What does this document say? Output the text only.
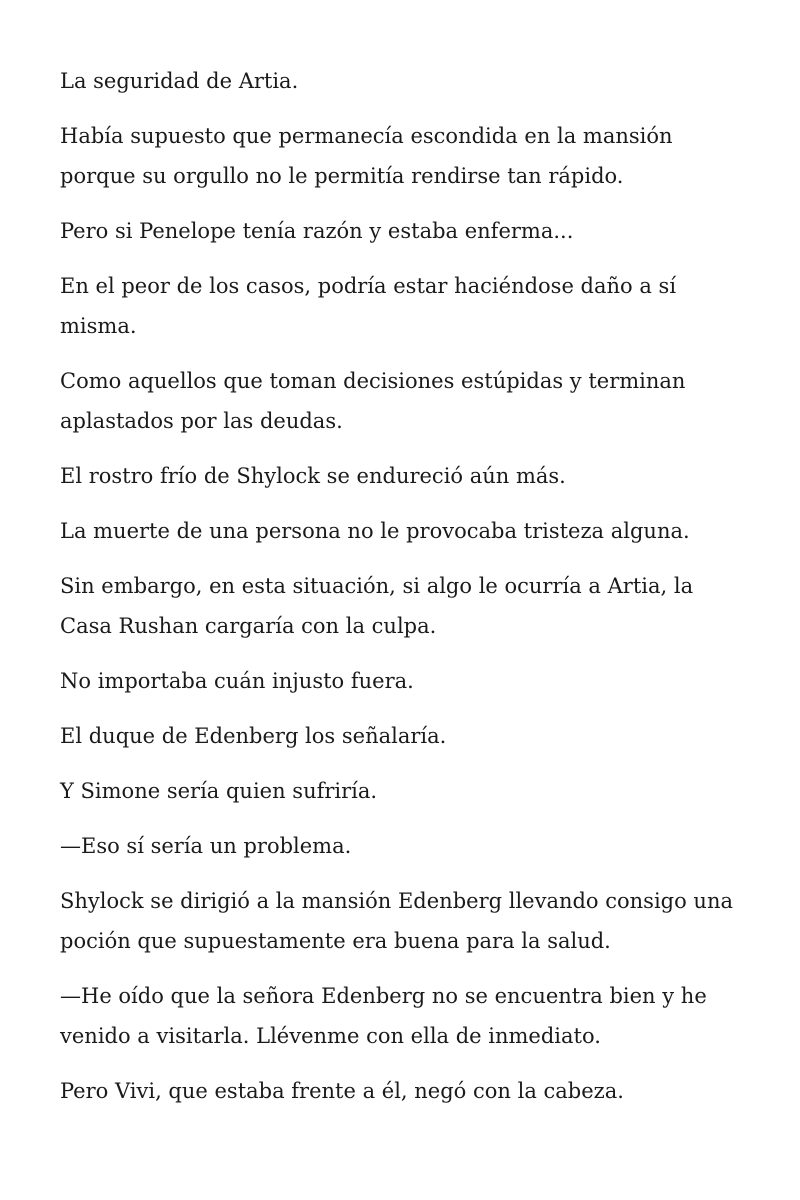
La seguridad de Artia.

Había supuesto que permanecía escondida en la mansión porque su orgullo no le permitía rendirse tan rápido.

Pero si Penelope tenía razón y estaba enferma...

En el peor de los casos, podría estar haciéndose daño a sí misma.

Como aquellos que toman decisiones estúpidas y terminan aplastados por las deudas.

El rostro frío de Shylock se endureció aún más.

La muerte de una persona no le provocaba tristeza alguna.

Sin embargo, en esta situación, si algo le ocurría a Artia, la Casa Rushan cargaría con la culpa.

No importaba cuán injusto fuera.

El duque de Edenberg los señalaría.

Y Simone sería quien sufriría.

—Eso sí sería un problema.

Shylock se dirigió a la mansión Edenberg llevando consigo una poción que supuestamente era buena para la salud.

—He oído que la señora Edenberg no se encuentra bien y he venido a visitarla. Llévenme con ella de inmediato.

Pero Vivi, que estaba frente a él, negó con la cabeza.
